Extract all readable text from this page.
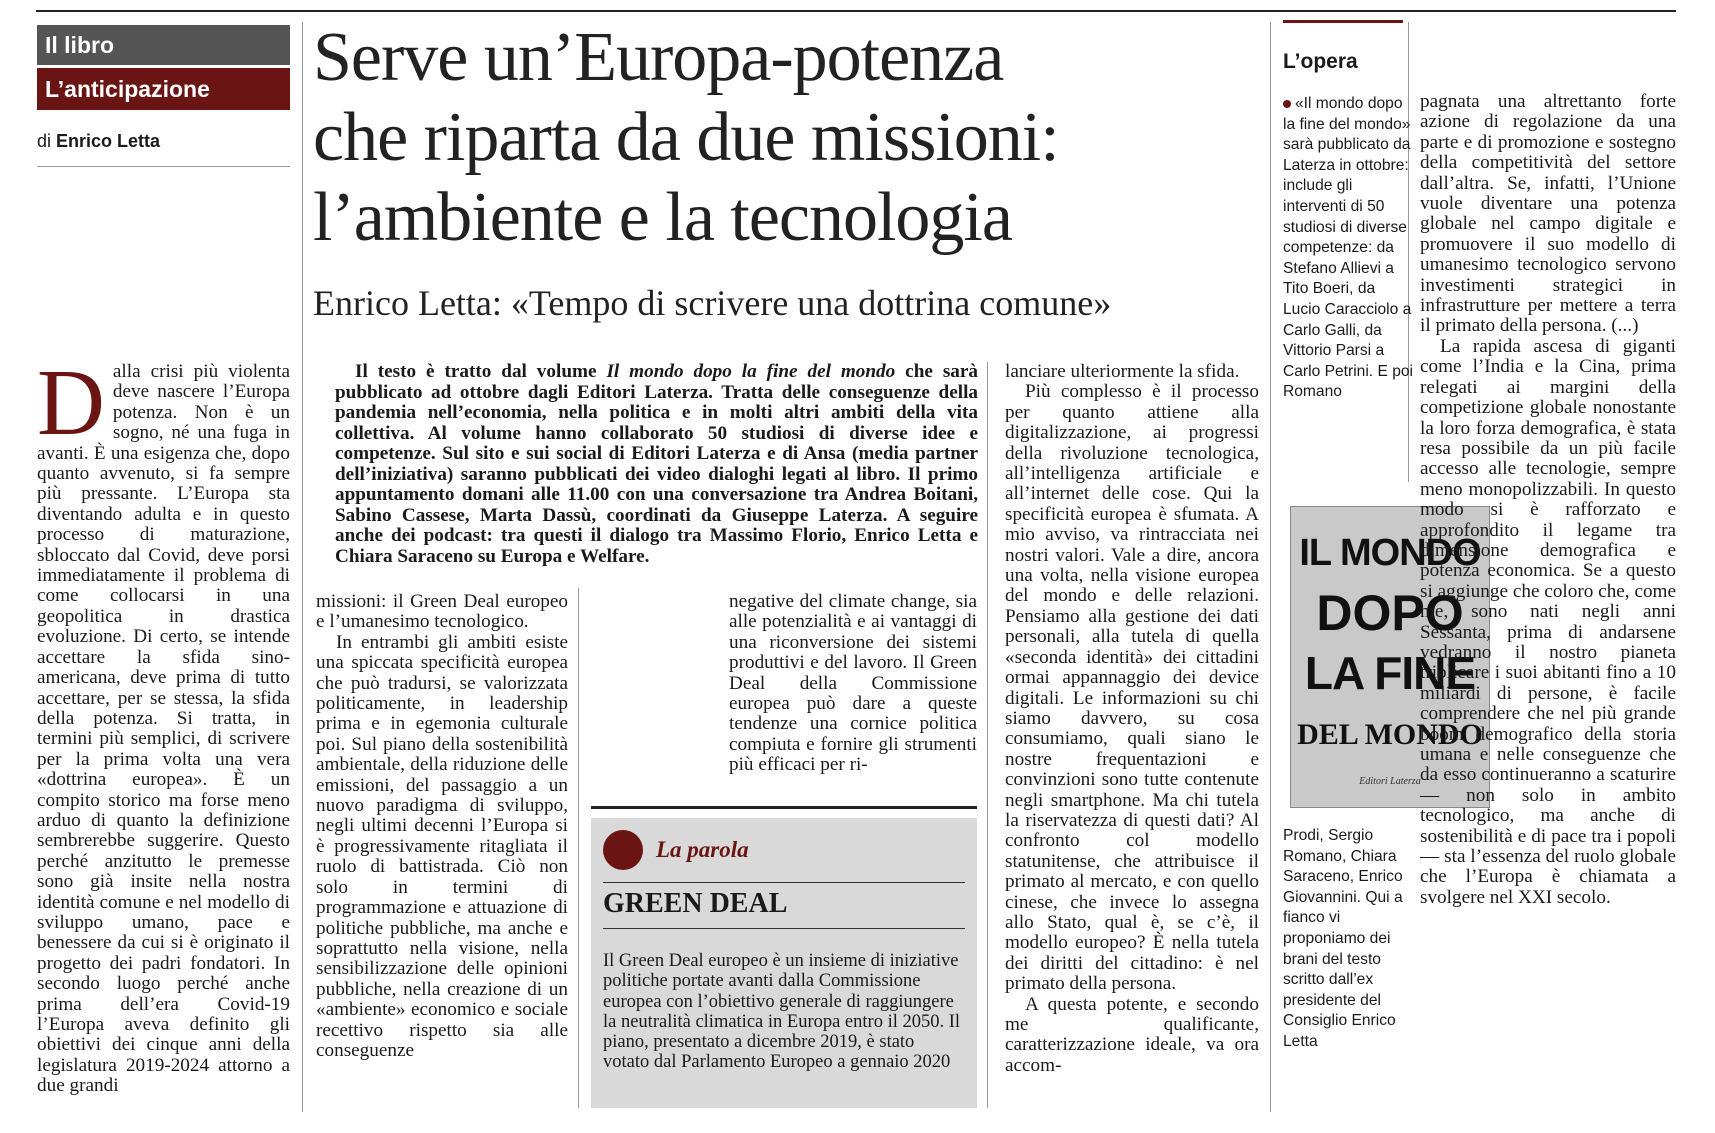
Il libro
L’anticipazione
di Enrico Letta
Serve un’Europa-potenza
che riparta da due missioni:
l’ambiente e la tecnologia
Enrico Letta: «Tempo di scrivere una dottrina comune»
D alla crisi più violenta deve nascere l’Europa potenza. Non è un sogno, né una fuga in avanti. È una esigenza che, dopo quanto avvenuto, si fa sempre più pressante. L’Europa sta diventando adulta e in questo processo di maturazione, sbloccato dal Covid, deve porsi immediatamente il problema di come collocarsi in una geopolitica in drastica evoluzione. Di certo, se intende accettare la sfida sino-americana, deve prima di tutto accettare, per se stessa, la sfida della potenza. Si tratta, in termini più semplici, di scrivere per la prima volta una vera «dottrina europea». È un compito storico ma forse meno arduo di quanto la definizione sembrerebbe suggerire. Questo perché anzitutto le premesse sono già insite nella nostra identità comune e nel modello di sviluppo umano, pace e benessere da cui si è originato il progetto dei padri fondatori. In secondo luogo perché anche prima dell’era Covid-19 l’Europa aveva definito gli obiettivi dei cinque anni della legislatura 2019-2024 attorno a due grandi

Il testo è tratto dal volume Il mondo dopo la fine del mondo che sarà pubblicato ad ottobre dagli Editori Laterza. Tratta delle conseguenze della pandemia nell’economia, nella politica e in molti altri ambiti della vita collettiva. Al volume hanno collaborato 50 studiosi di diverse idee e competenze. Sul sito e sui social di Editori Laterza e di Ansa (media partner dell’iniziativa) saranno pubblicati dei video dialoghi legati al libro. Il primo appuntamento domani alle 11.00 con una conversazione tra Andrea Boitani, Sabino Cassese, Marta Dassù, coordinati da Giuseppe Laterza. A seguire anche dei podcast: tra questi il dialogo tra Massimo Florio, Enrico Letta e Chiara Saraceno su Europa e Welfare.

missioni: il Green Deal europeo e l’umanesimo tecnologico.

In entrambi gli ambiti esiste una spiccata specificità europea che può tradursi, se valorizzata politicamente, in leadership prima e in egemonia culturale poi. Sul piano della sostenibilità ambientale, della riduzione delle emissioni, del passaggio a un nuovo paradigma di sviluppo, negli ultimi decenni l’Europa si è progressivamente ritagliata il ruolo di battistrada. Ciò non solo in termini di programmazione e attuazione di politiche pubbliche, ma anche e soprattutto nella visione, nella sensibilizzazione delle opinioni pubbliche, nella creazione di un «ambiente» economico e sociale recettivo rispetto sia alle conseguenze

negative del climate change, sia alle potenzialità e ai vantaggi di una riconversione dei sistemi produttivi e del lavoro. Il Green Deal della Commissione europea può dare a queste tendenze una cornice politica compiuta e fornire gli strumenti più efficaci per ri-

La parola
GREEN DEAL
Il Green Deal europeo è un insieme di iniziative politiche portate avanti dalla Commissione europea con l’obiettivo generale di raggiungere la neutralità climatica in Europa entro il 2050. Il piano, presentato a dicembre 2019, è stato votato dal Parlamento Europeo a gennaio 2020

lanciare ulteriormente la sfida.

Più complesso è il processo per quanto attiene alla digitalizzazione, ai progressi della rivoluzione tecnologica, all’intelligenza artificiale e all’internet delle cose. Qui la specificità europea è sfumata. A mio avviso, va rintracciata nei nostri valori. Vale a dire, ancora una volta, nella visione europea del mondo e delle relazioni. Pensiamo alla gestione dei dati personali, alla tutela di quella «seconda identità» dei cittadini ormai appannaggio dei device digitali. Le informazioni su chi siamo davvero, su cosa consumiamo, quali siano le nostre frequentazioni e convinzioni sono tutte contenute negli smartphone. Ma chi tutela la riservatezza di questi dati? Al confronto col modello statunitense, che attribuisce il primato al mercato, e con quello cinese, che invece lo assegna allo Stato, qual è, se c’è, il modello europeo? È nella tutela dei diritti del cittadino: è nel primato della persona.

A questa potente, e secondo me qualificante, caratterizzazione ideale, va ora accom-

L’opera
«Il mondo dopo la fine del mondo» sarà pubblicato da Laterza in ottobre: include gli interventi di 50 studiosi di diverse competenze: da Stefano Allievi a Tito Boeri, da Lucio Caracciolo a Carlo Galli, da Vittorio Parsi a Carlo Petrini. E poi Romano
IL MONDO
DOPO
LA FINE
DEL MONDO
Editori Laterza
Prodi, Sergio Romano, Chiara Saraceno, Enrico Giovannini. Qui a fianco vi proponiamo dei brani del testo scritto dall’ex presidente del Consiglio Enrico Letta

pagnata una altrettanto forte azione di regolazione da una parte e di promozione e sostegno della competitività del settore dall’altra. Se, infatti, l’Unione vuole diventare una potenza globale nel campo digitale e promuovere il suo modello di umanesimo tecnologico servono investimenti strategici in infrastrutture per mettere a terra il primato della persona. (...)

La rapida ascesa di giganti come l’India e la Cina, prima relegati ai margini della competizione globale nonostante la loro forza demografica, è stata resa possibile da un più facile accesso alle tecnologie, sempre meno monopolizzabili. In questo modo si è rafforzato e approfondito il legame tra dimensione demografica e potenza economica. Se a questo si aggiunge che coloro che, come me, sono nati negli anni Sessanta, prima di andarsene vedranno il nostro pianeta triplicare i suoi abitanti fino a 10 miliardi di persone, è facile comprendere che nel più grande boom demografico della storia umana e nelle conseguenze che da esso continueranno a scaturire — non solo in ambito tecnologico, ma anche di sostenibilità e di pace tra i popoli — sta l’essenza del ruolo globale che l’Europa è chiamata a svolgere nel XXI secolo.
